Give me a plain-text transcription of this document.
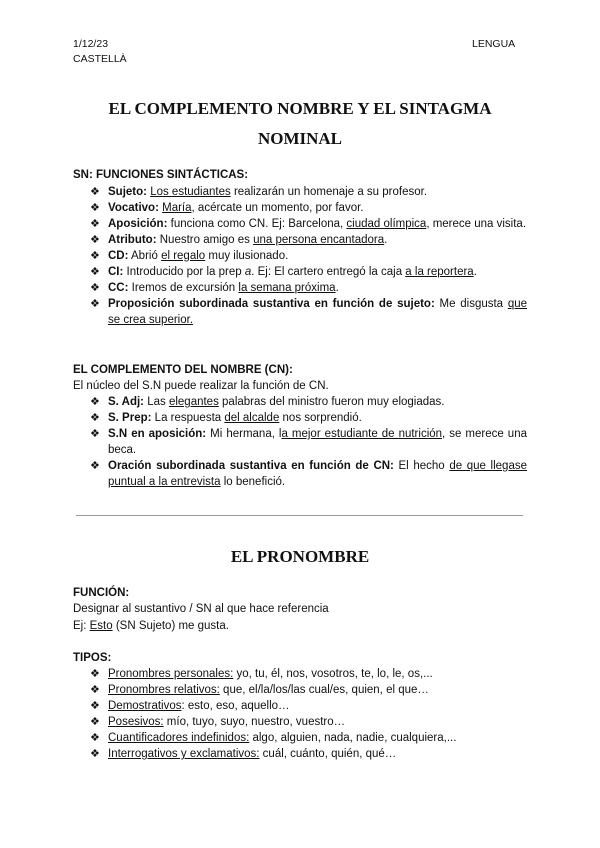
1/12/23
CASTELLÀ
LENGUA
EL COMPLEMENTO NOMBRE Y EL SINTAGMA
NOMINAL
SN: FUNCIONES SINTÁCTICAS:
❖ Sujeto: Los estudiantes realizarán un homenaje a su profesor.
❖ Vocativo: María, acércate un momento, por favor.
❖ Aposición: funciona como CN. Ej: Barcelona, ciudad olímpica, merece una visita.
❖ Atributo: Nuestro amigo es una persona encantadora.
❖ CD: Abrió el regalo muy ilusionado.
❖ CI: Introducido por la prep a. Ej: El cartero entregó la caja a la reportera.
❖ CC: Iremos de excursión la semana próxima.
❖ Proposición subordinada sustantiva en función de sujeto: Me disgusta que se crea superior.
EL COMPLEMENTO DEL NOMBRE (CN):
El núcleo del S.N puede realizar la función de CN.
❖ S. Adj: Las elegantes palabras del ministro fueron muy elogiadas.
❖ S. Prep: La respuesta del alcalde nos sorprendió.
❖ S.N en aposición: Mi hermana, la mejor estudiante de nutrición, se merece una beca.
❖ Oración subordinada sustantiva en función de CN: El hecho de que llegase puntual a la entrevista lo benefició.
EL PRONOMBRE
FUNCIÓN:
Designar al sustantivo / SN al que hace referencia
Ej: Esto (SN Sujeto) me gusta.
TIPOS:
❖ Pronombres personales: yo, tu, él, nos, vosotros, te, lo, le, os,...
❖ Pronombres relativos: que, el/la/los/las cual/es, quien, el que…
❖ Demostrativos: esto, eso, aquello…
❖ Posesivos: mío, tuyo, suyo, nuestro, vuestro…
❖ Cuantificadores indefinidos: algo, alguien, nada, nadie, cualquiera,...
❖ Interrogativos y exclamativos: cuál, cuánto, quién, qué…
